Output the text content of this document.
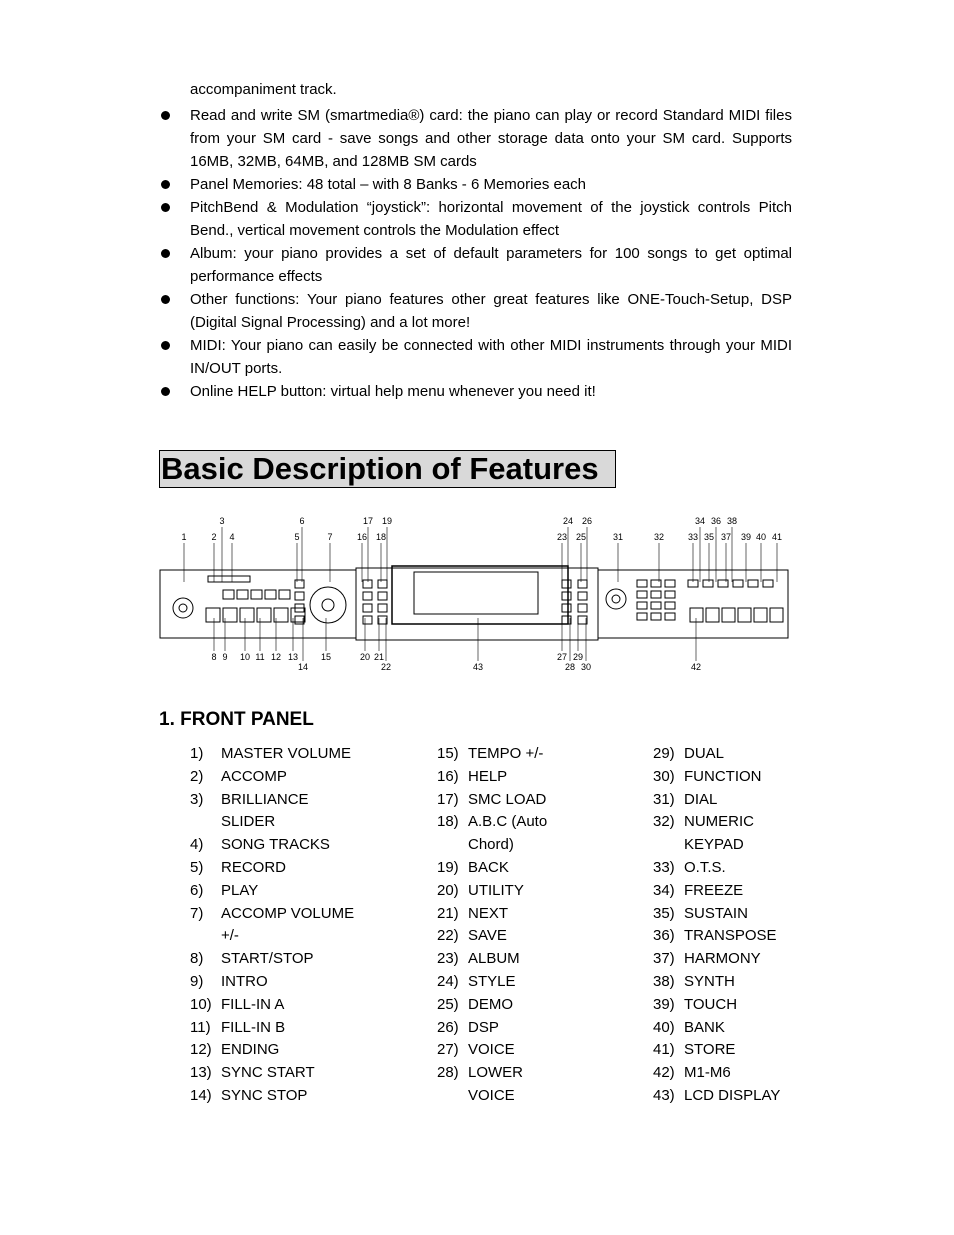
accompaniment track.
Read and write SM (smartmedia®) card: the piano can play or record Standard MIDI files from your SM card - save songs and other storage data onto your SM card. Supports 16MB, 32MB, 64MB, and 128MB SM cards
Panel Memories: 48 total – with 8 Banks - 6 Memories each
PitchBend & Modulation “joystick”: horizontal movement of the joystick controls Pitch Bend., vertical movement controls the Modulation effect
Album: your piano provides a set of default parameters for 100 songs to get optimal performance effects
Other functions: Your piano features other great features like ONE-Touch-Setup, DSP (Digital Signal Processing) and a lot more!
MIDI: Your piano can easily be connected with other MIDI instruments through your MIDI IN/OUT ports.
Online HELP button: virtual help menu whenever you need it!
Basic Description of Features
1	2
3
4	5
6
7	16
17
18
19
23
24
25
26
31	32	33
34
35
36
37
38
39 40 41
8 9 10 11 12 13
14
15	20 21
22	43
27 29
28 30	42
1. FRONT PANEL
1)	MASTER VOLUME
2)	ACCOMP
3)	BRILLIANCE
SLIDER
4)	SONG TRACKS
5)	RECORD
6)	PLAY
7)	ACCOMP VOLUME
+/-
8)	START/STOP
9)	INTRO
10) FILL-IN A
11) FILL-IN B
12) ENDING
13) SYNC START
14) SYNC STOP
15) TEMPO +/-
16) HELP
17) SMC LOAD
18) A.B.C (Auto
Chord)
19) BACK
20) UTILITY
21) NEXT
22) SAVE
23) ALBUM
24) STYLE
25) DEMO
26) DSP
27) VOICE
28) LOWER
VOICE
29) DUAL
30) FUNCTION
31) DIAL
32) NUMERIC
KEYPAD
33) O.T.S.
34) FREEZE
35) SUSTAIN
36) TRANSPOSE
37) HARMONY
38) SYNTH
39) TOUCH
40) BANK
41) STORE
42) M1-M6
43) LCD DISPLAY
